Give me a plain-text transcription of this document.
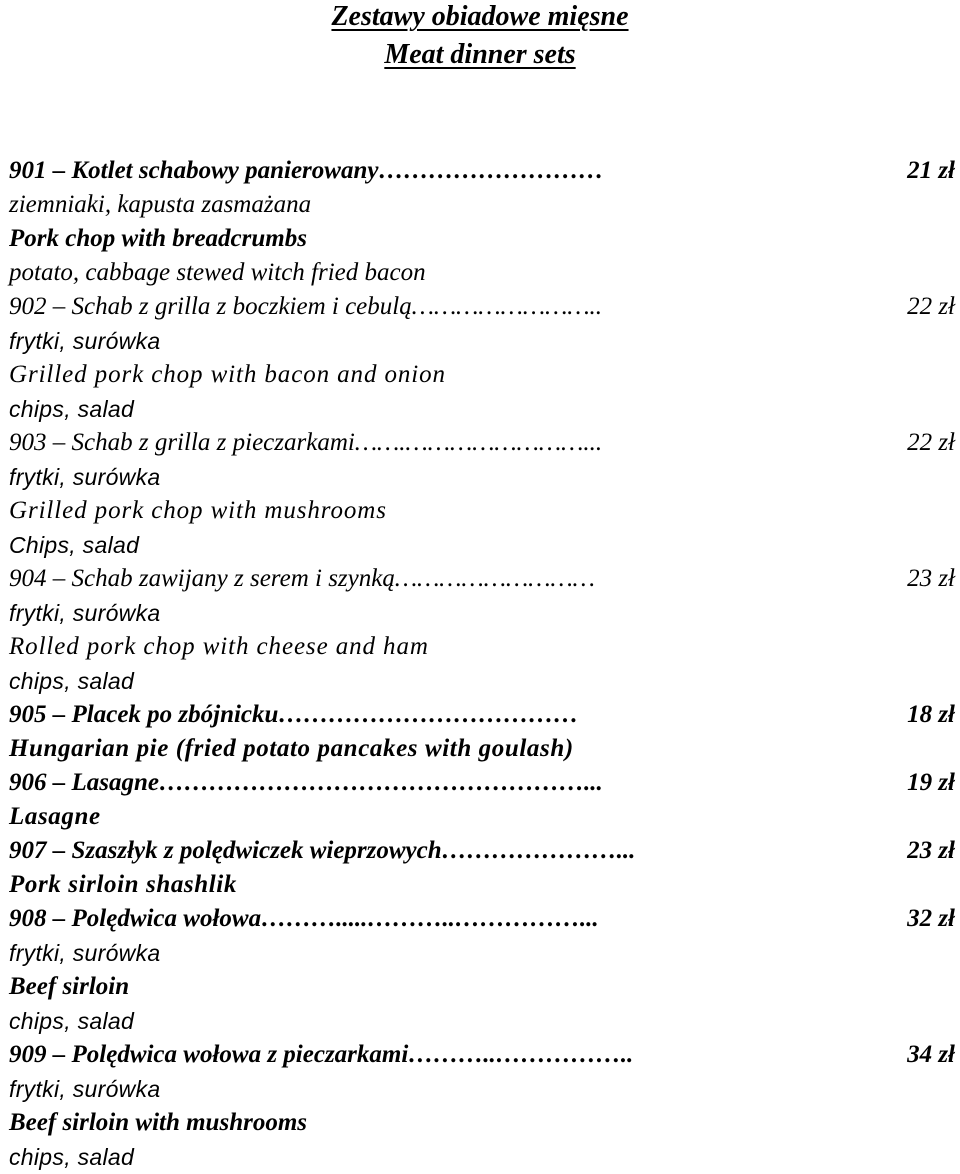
Zestawy obiadowe mięsne
Meat dinner sets
901 – Kotlet schabowy panierowany………………………	21 zł
ziemniaki, kapusta zasmażana
Pork chop with breadcrumbs
potato, cabbage stewed witch fried bacon
902 – Schab z grilla z boczkiem i cebulą……………………..	22 zł
frytki, surówka
Grilled pork chop with bacon and onion
chips, salad
903 – Schab z grilla z pieczarkami…….……………………...	22 zł
frytki, surówka
Grilled pork chop with mushrooms
Chips, salad
904 – Schab zawijany z serem i szynką………………………	23 zł
frytki, surówka
Rolled pork chop with cheese and ham
chips, salad
905 – Placek po zbójnicku………………………………	18 zł
Hungarian pie (fried potato pancakes with goulash)
906 – Lasagne……………………………………………...	19 zł
Lasagne
907 – Szaszłyk z polędwiczek wieprzowych…………………...	23 zł
Pork sirloin shashlik
908 – Polędwica wołowa……….....………..……………...	32 zł
frytki, surówka
Beef sirloin
chips, salad
909 – Polędwica wołowa z pieczarkami………..……………..	34 zł
frytki, surówka
Beef sirloin with mushrooms
chips, salad
